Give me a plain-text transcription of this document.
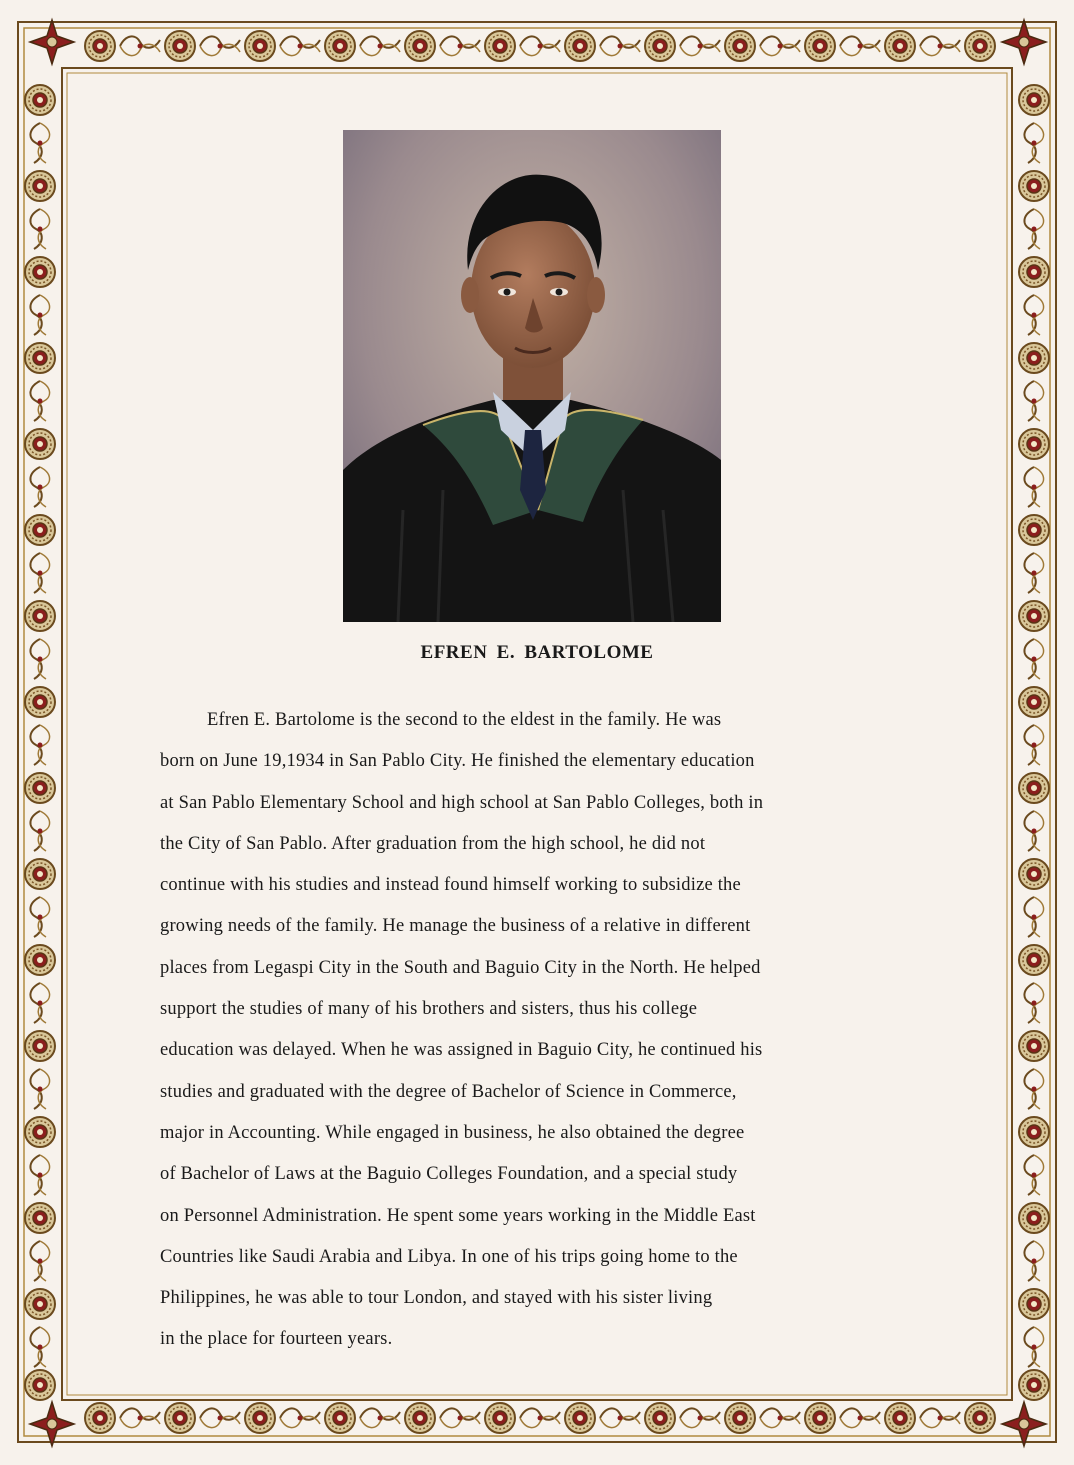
EFREN E. BARTOLOME
Efren E. Bartolome is the second to the eldest in the family. He was
born on June 19,1934 in San Pablo City. He finished the elementary education
at San Pablo Elementary School and high school at San Pablo Colleges, both in
the City of San Pablo. After graduation from the high school, he did not
continue with his studies and instead found himself working to subsidize the
growing needs of the family. He manage the business of a relative in different
places from Legaspi City in the South and Baguio City in the North. He helped
support the studies of many of his brothers and sisters, thus his college
education was delayed. When he was assigned in Baguio City, he continued his
studies and graduated with the degree of Bachelor of Science in Commerce,
major in Accounting. While engaged in business, he also obtained the degree
of Bachelor of Laws at the Baguio Colleges Foundation, and a special study
on Personnel Administration. He spent some years working in the Middle East
Countries like Saudi Arabia and Libya. In one of his trips going home to the
Philippines, he was able to tour London, and stayed with his sister living
in the place for fourteen years.
